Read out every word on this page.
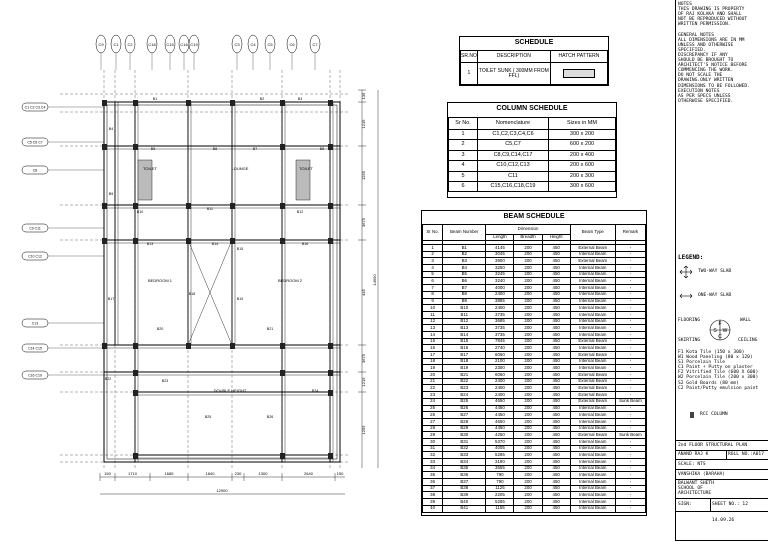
C9 C1 C2	C18	C15 C16 C19	C3	C4	C5	C6	C7
C1 C2 C3 C4
C5 C6 C7
C8
C9 C11
C10 C12
C13
C14 C15
C16 C19
TOILET	LOUNGE	TOILET
BEDROOM 1	BEDROOM 2
DOUBLE HEIGHT
B1	B2	B3
B4
B5	B6	B7	B8
B9
B10
B11
B12
B13	B14
B15
B16
B17
B18
B19
B20	B21
B22	B23
B24
B25	B26
150	1710	1685	1840	230	1300	2640	150
12900
135
1215
1255
3675
445
3675
1215
1255
14950
SCHEDULE
SR.NO	DESCRIPTION	HATCH PATTERN
1	TOILET SUNK ( 300MM FROM FFL)	
COLUMN SCHEDULE
Sr No.	Nomenclature	Sizes in MM
1	C1,C2,C3,C4,C6	300 x 200
2	C5,C7	600 x 200
3	C8,C9,C14,C17	200 x 400
4	C10,C12,C13	200 x 600
5	C11	200 x 300
6	C15,C16,C18,C19	300 x 600
BEAM SCHEDULE
Sr No.	Beam Number	Dimension			Beam Type	Remark
		Length	Breadth	Height		

1	B1	4145	200	450	External Beam	-
2	B2	3045	200	450	Internal Beam	-
3	B3	3900	200	450	External Beam	-
4	B4	3250	200	450	Internal Beam	-
5	B5	3245	200	450	Internal Beam	-
6	B6	3240	200	450	Internal Beam	-
7	B7	4000	200	450	Internal Beam	-
8	B8	2400	200	450	Internal Beam	-
9	B9	3885	200	450	Internal Beam	-
10	B10	2400	200	450	Internal Beam	-
11	B11	3735	200	450	Internal Beam	-
12	B12	3685	200	450	Internal Beam	-
13	B13	3735	200	450	Internal Beam	-
14	B14	3735	200	450	Internal Beam	-
15	B15	7845	200	450	External Beam	-
16	B16	2740	200	450	Internal Beam	-
17	B17	6060	200	450	External Beam	-
18	B18	2100	200	450	Internal Beam	-
19	B19	2300	200	450	Internal Beam	-
20	B21	6060	200	450	External Beam	-
21	B22	2400	200	450	External Beam	-
22	B23	2400	200	450	External Beam	-
23	B24	2400	200	450	External Beam	-
24	B25	4650	200	450	External Beam	Sunk Beam
25	B26	4450	200	450	Internal Beam	-
26	B27	4450	200	450	Internal Beam	-
27	B28	4650	200	450	Internal Beam	-
28	B29	4450	200	450	Internal Beam	-
29	B30	4250	200	450	External Beam	Sunk Beam
30	B31	5370	200	450	Internal Beam	-
31	B32	4005	200	450	Internal Beam	-
32	B33	5285	200	450	Internal Beam	-
33	B34	3190	200	450	Internal Beam	-
34	B35	3555	200	450	Internal Beam	-
35	B36	790	200	450	Internal Beam	-
36	B37	790	200	450	Internal Beam	-
37	B38	1125	200	450	Internal Beam	-
38	B39	2205	200	450	Internal Beam	-
39	B40	5285	200	450	Internal Beam	-
40	B41	1155	200	450	Internal Beam	-
NOTES
THIS DRAWING IS PROPERTY
OF RAJ KOLAKA AND SHALL
NOT BE REPRODUCED WITHOUT
WRITTEN PERMISSION.

GENERAL NOTES
ALL DIMENSIONS ARE IN MM
UNLESS AND OTHERWISE
SPECIFIED.
DISCREPANCY IF ANY
SHOULD BE BROUGHT TO
ARCHITECT'S NOTICE BEFORE
COMMENCING THE WORK.
DO NOT SCALE THE
DRAWING.ONLY WRITTEN
DIMENSIONS TO BE FOLLOWED.
EXECUTION NOTES
AS PER SPECS UNLESS
OTHERWISE SPECIFIED.
LEGEND:
F
W
S
C
TWO-WAY SLAB
ONE-WAY SLAB
FLOORING	WALL
SKIRTING	CEILING
F1 Kota Tile (150 x 300)
W1 Wood Paneling (80 x 120)
S1 Porcelain Tile
C1 Paint + Putty on plaster
F2 Vitrified Tile (600 X 600)
W2 Porcelain Tile (200 x 300)
S2 Gold Boards (80 mm)
C2 Paint/Putty emulsion paint
RCC COLUMN
2nd FLOOR STRUCTURAL PLAN
ANAND RAJ K	ROLL NO.:A017
SCALE: NTS
VANSHIKA (BARAHA)
BALWANT SHETH
SCHOOL OF
ARCHITECTURE
SIGN:	SHEET NO.: 12
14.09.26
